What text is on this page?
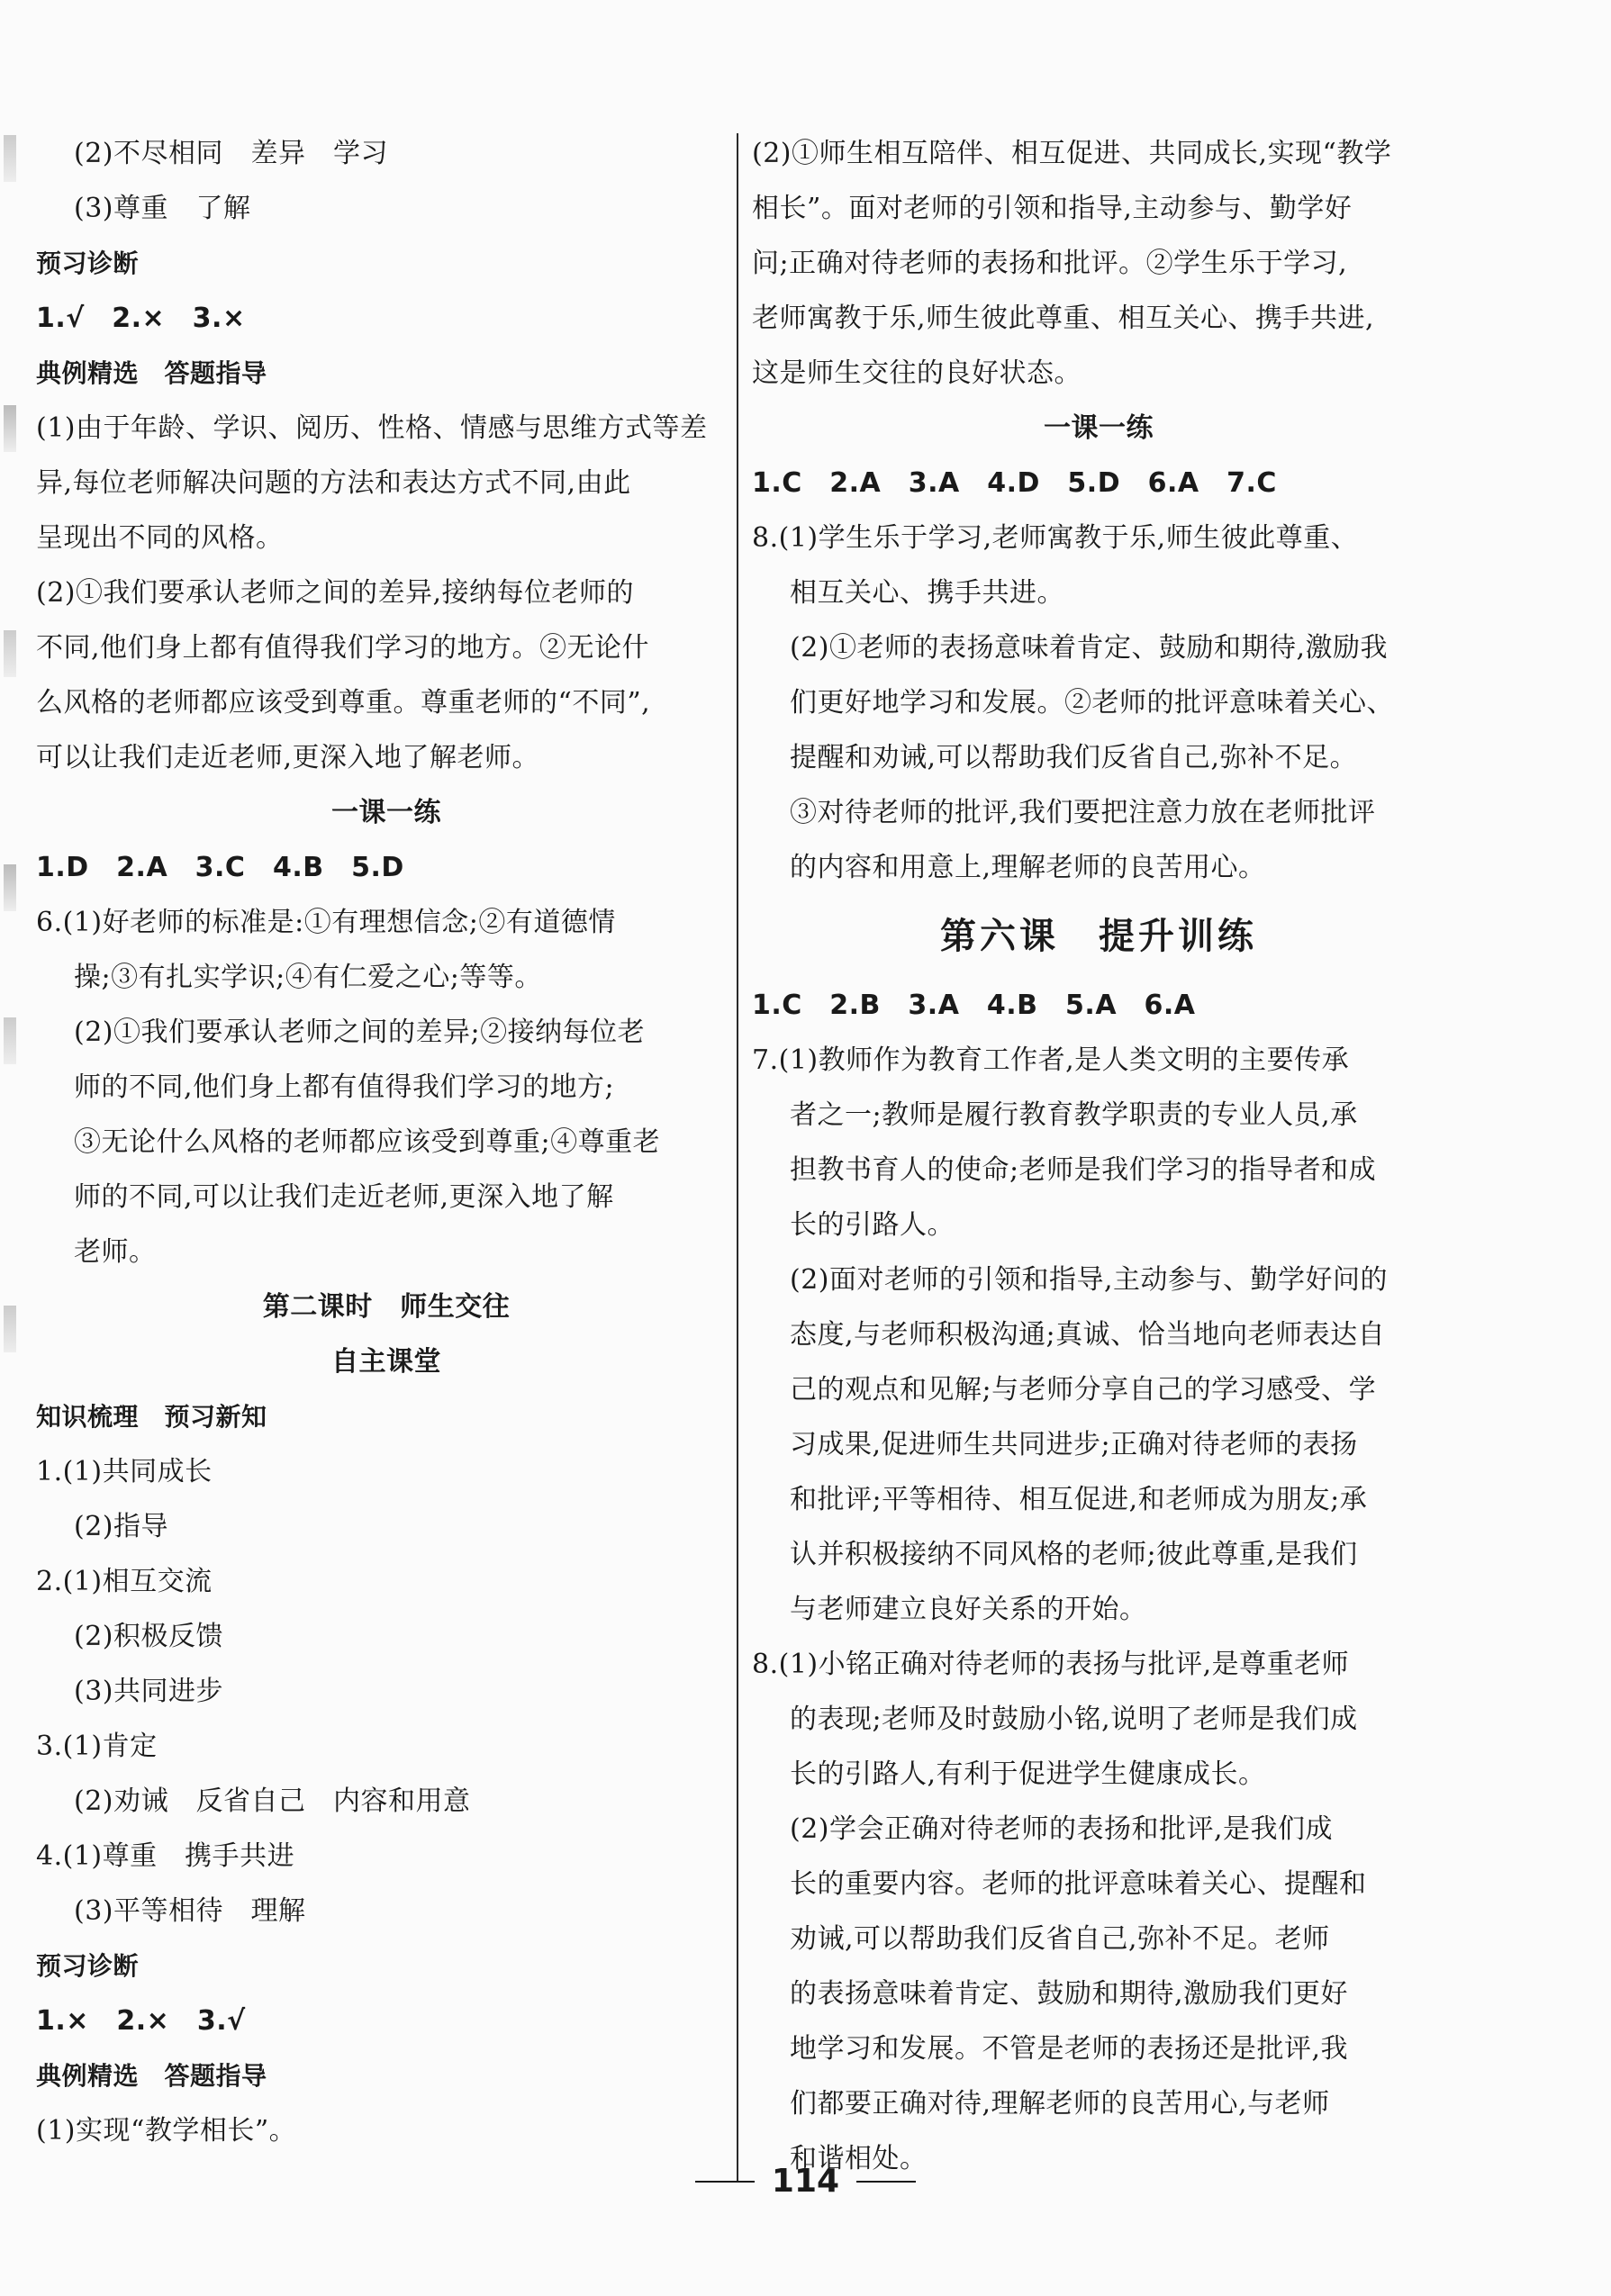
(2)不尽相同　差异　学习
(3)尊重　了解
预习诊断
1.√　2.×　3.×
典例精选　答题指导
(1)由于年龄、学识、阅历、性格、情感与思维方式等差
异,每位老师解决问题的方法和表达方式不同,由此
呈现出不同的风格。
(2)①我们要承认老师之间的差异,接纳每位老师的
不同,他们身上都有值得我们学习的地方。②无论什
么风格的老师都应该受到尊重。尊重老师的“不同”,
可以让我们走近老师,更深入地了解老师。
一课一练
1.D　2.A　3.C　4.B　5.D
6.(1)好老师的标准是:①有理想信念;②有道德情
操;③有扎实学识;④有仁爱之心;等等。
(2)①我们要承认老师之间的差异;②接纳每位老
师的不同,他们身上都有值得我们学习的地方;
③无论什么风格的老师都应该受到尊重;④尊重老
师的不同,可以让我们走近老师,更深入地了解
老师。
第二课时　师生交往
自主课堂
知识梳理　预习新知
1.(1)共同成长
(2)指导
2.(1)相互交流
(2)积极反馈
(3)共同进步
3.(1)肯定
(2)劝诫　反省自己　内容和用意
4.(1)尊重　携手共进
(3)平等相待　理解
预习诊断
1.×　2.×　3.√
典例精选　答题指导
(1)实现“教学相长”。
(2)①师生相互陪伴、相互促进、共同成长,实现“教学
相长”。面对老师的引领和指导,主动参与、勤学好
问;正确对待老师的表扬和批评。②学生乐于学习,
老师寓教于乐,师生彼此尊重、相互关心、携手共进,
这是师生交往的良好状态。
一课一练
1.C　2.A　3.A　4.D　5.D　6.A　7.C
8.(1)学生乐于学习,老师寓教于乐,师生彼此尊重、
相互关心、携手共进。
(2)①老师的表扬意味着肯定、鼓励和期待,激励我
们更好地学习和发展。②老师的批评意味着关心、
提醒和劝诫,可以帮助我们反省自己,弥补不足。
③对待老师的批评,我们要把注意力放在老师批评
的内容和用意上,理解老师的良苦用心。
第六课　提升训练
1.C　2.B　3.A　4.B　5.A　6.A
7.(1)教师作为教育工作者,是人类文明的主要传承
者之一;教师是履行教育教学职责的专业人员,承
担教书育人的使命;老师是我们学习的指导者和成
长的引路人。
(2)面对老师的引领和指导,主动参与、勤学好问的
态度,与老师积极沟通;真诚、恰当地向老师表达自
己的观点和见解;与老师分享自己的学习感受、学
习成果,促进师生共同进步;正确对待老师的表扬
和批评;平等相待、相互促进,和老师成为朋友;承
认并积极接纳不同风格的老师;彼此尊重,是我们
与老师建立良好关系的开始。
8.(1)小铭正确对待老师的表扬与批评,是尊重老师
的表现;老师及时鼓励小铭,说明了老师是我们成
长的引路人,有利于促进学生健康成长。
(2)学会正确对待老师的表扬和批评,是我们成
长的重要内容。老师的批评意味着关心、提醒和
劝诫,可以帮助我们反省自己,弥补不足。老师
的表扬意味着肯定、鼓励和期待,激励我们更好
地学习和发展。不管是老师的表扬还是批评,我
们都要正确对待,理解老师的良苦用心,与老师
和谐相处。
114
